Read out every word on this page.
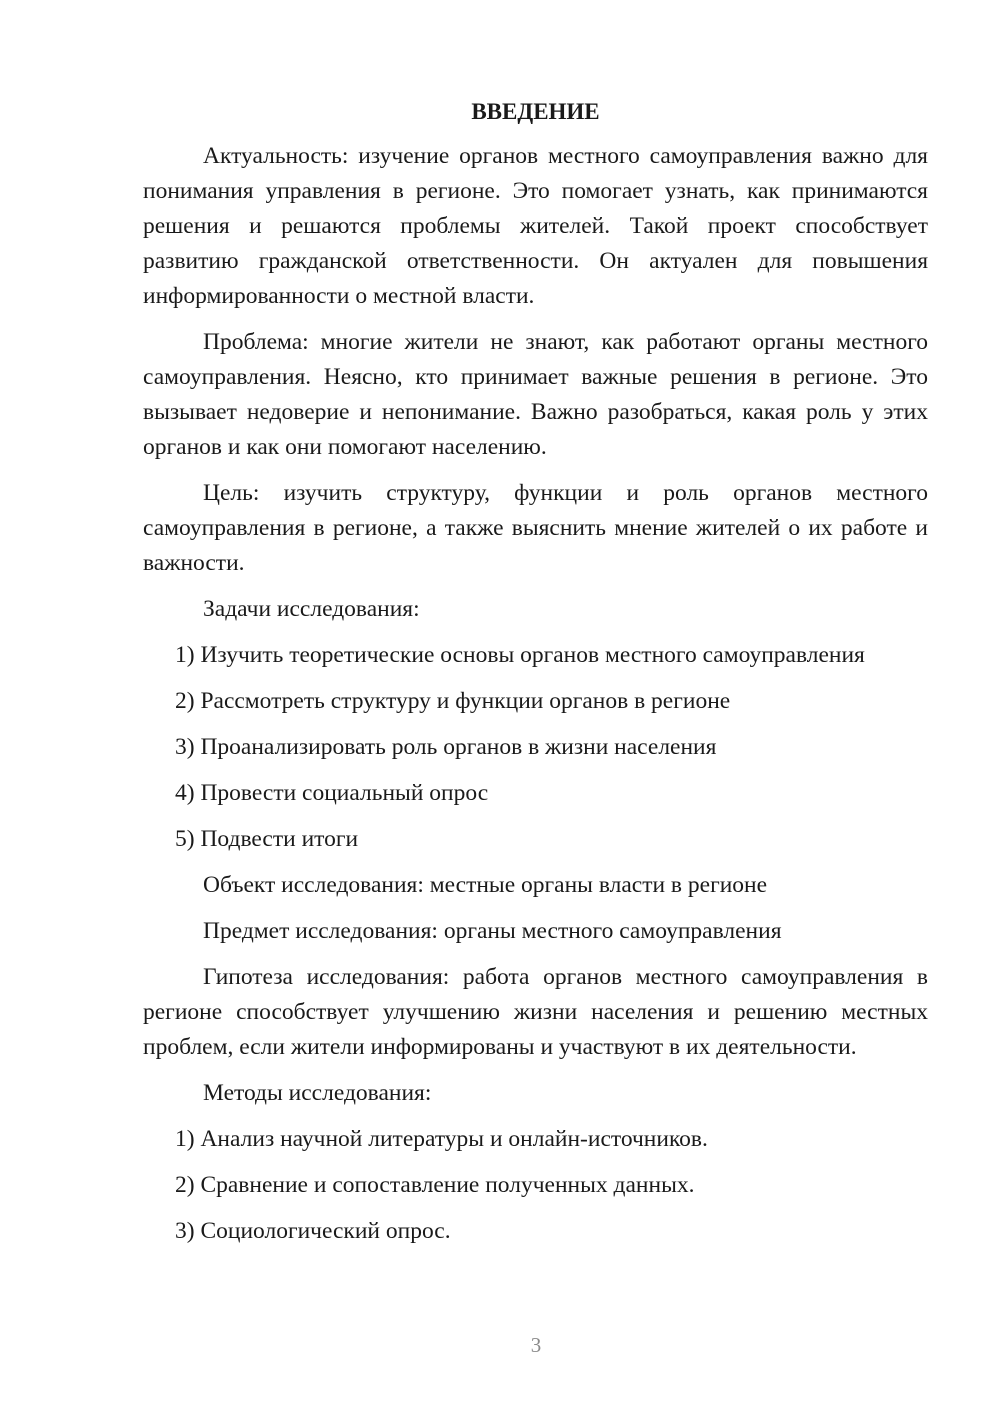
ВВЕДЕНИЕ

Актуальность: изучение органов местного самоуправления важно для понимания управления в регионе. Это помогает узнать, как принимаются решения и решаются проблемы жителей. Такой проект способствует развитию гражданской ответственности. Он актуален для повышения информированности о местной власти.

Проблема: многие жители не знают, как работают органы местного самоуправления. Неясно, кто принимает важные решения в регионе. Это вызывает недоверие и непонимание. Важно разобраться, какая роль у этих органов и как они помогают населению.

Цель: изучить структуру, функции и роль органов местного самоуправления в регионе, а также выяснить мнение жителей о их работе и важности.

Задачи исследования:

1) Изучить теоретические основы органов местного самоуправления
2) Рассмотреть структуру и функции органов в регионе
3) Проанализировать роль органов в жизни населения
4) Провести социальный опрос
5) Подвести итоги

Объект исследования: местные органы власти в регионе

Предмет исследования: органы местного самоуправления

Гипотеза исследования: работа органов местного самоуправления в регионе способствует улучшению жизни населения и решению местных проблем, если жители информированы и участвуют в их деятельности.

Методы исследования:

1) Анализ научной литературы и онлайн-источников.
2) Сравнение и сопоставление полученных данных.
3) Социологический опрос.
3
